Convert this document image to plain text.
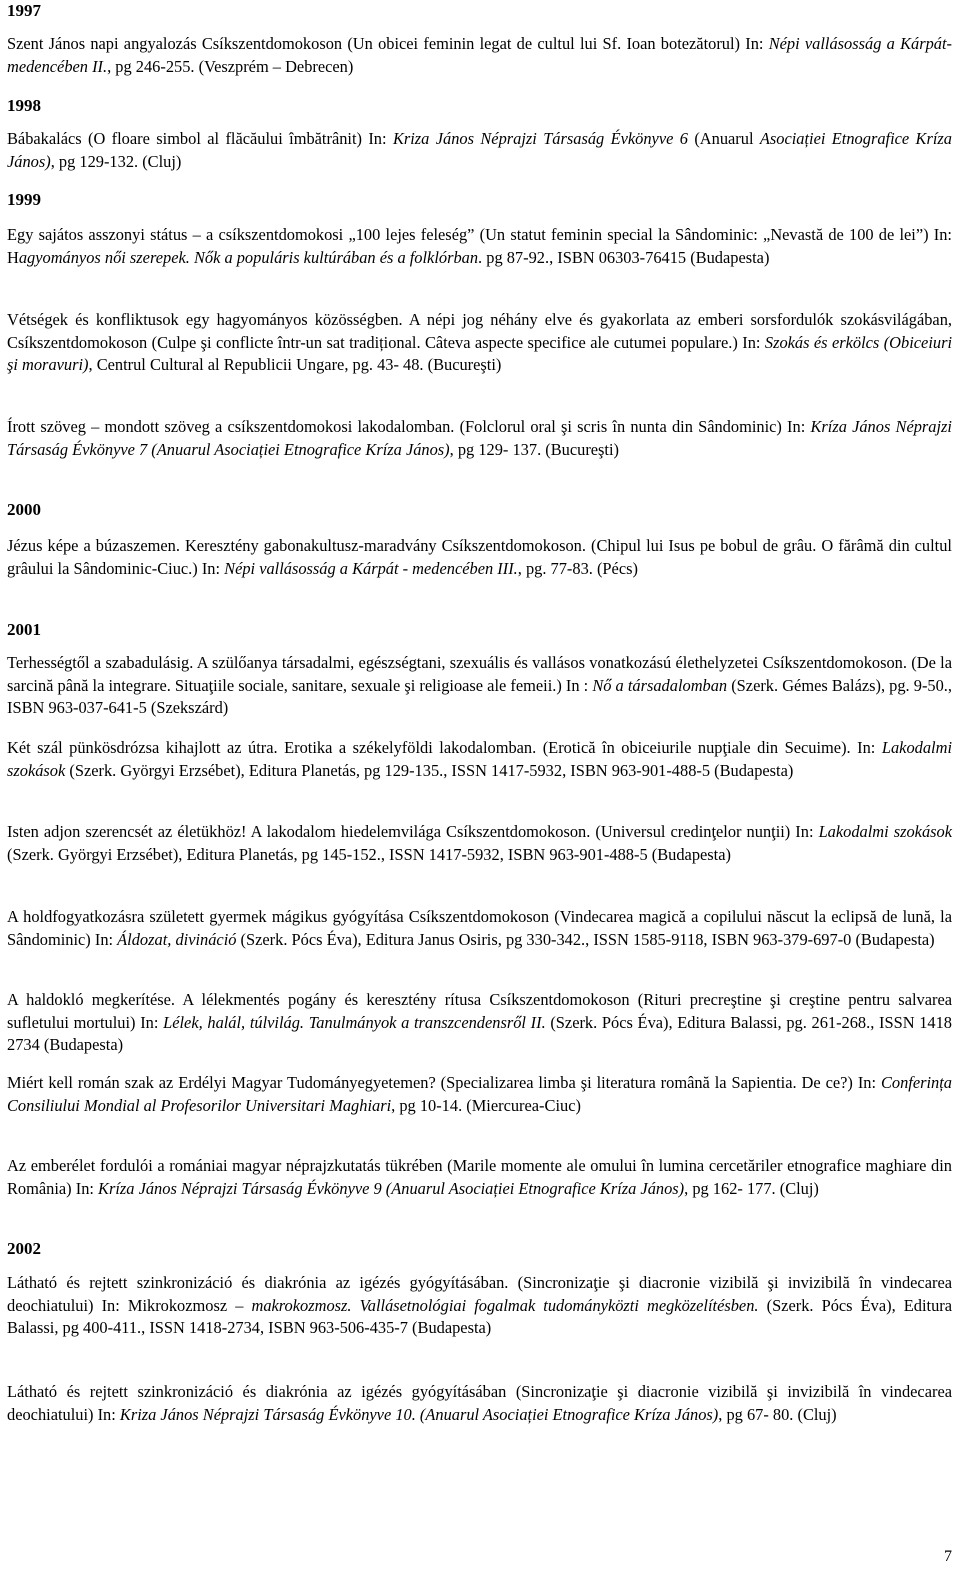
1997

Szent János napi angyalozás Csíkszentdomokoson (Un obicei feminin legat de cultul lui Sf. Ioan botezătorul) In: Népi vallásosság a Kárpát-medencében II., pg 246-255. (Veszprém – Debrecen)

1998

Bábakalács (O floare simbol al flăcăului îmbătrânit) In: Kriza János Néprajzi Társaság Évkönyve 6 (Anuarul Asociației Etnografice Kríza János), pg 129-132. (Cluj)

1999

Egy sajátos asszonyi státus – a csíkszentdomokosi „100 lejes feleség” (Un statut feminin special la Sândominic: „Nevastă de 100 de lei”) In: Hagyományos női szerepek. Nők a populáris kultúrában és a folklórban. pg 87-92., ISBN 06303-76415 (Budapesta)

Vétségek és konfliktusok egy hagyományos közösségben. A népi jog néhány elve és gyakorlata az emberi sorsfordulók szokásvilágában, Csíkszentdomokoson (Culpe şi conflicte într-un sat tradițional. Câteva aspecte specifice ale cutumei populare.) In: Szokás és erkölcs (Obiceiuri şi moravuri), Centrul Cultural al Republicii Ungare, pg. 43- 48. (Bucureşti)

Írott szöveg – mondott szöveg a csíkszentdomokosi lakodalomban. (Folclorul oral şi scris în nunta din Sândominic) In: Kríza János Néprajzi Társaság Évkönyve 7 (Anuarul Asociației Etnografice Kríza János), pg 129- 137. (Bucureşti)

2000

Jézus képe a búzaszemen. Keresztény gabonakultusz-maradvány Csíkszentdomokoson. (Chipul lui Isus pe bobul de grâu. O fărâmă din cultul grâului la Sândominic-Ciuc.) In: Népi vallásosság a Kárpát - medencében III., pg. 77-83. (Pécs)

2001

Terhességtől a szabadulásig. A szülőanya társadalmi, egészségtani, szexuális és vallásos vonatkozású élethelyzetei Csíkszentdomokoson. (De la sarcină până la integrare. Situaţiile sociale, sanitare, sexuale şi religioase ale femeii.) In : Nő a társadalomban (Szerk. Gémes Balázs), pg. 9-50., ISBN 963-037-641-5 (Szekszárd)

Két szál pünkösdrózsa kihajlott az útra. Erotika a székelyföldi lakodalomban. (Erotică în obiceiurile nupţiale din Secuime). In: Lakodalmi szokások (Szerk. Györgyi Erzsébet), Editura Planetás, pg 129-135., ISSN 1417-5932, ISBN 963-901-488-5 (Budapesta)

Isten adjon szerencsét az életükhöz! A lakodalom hiedelemvilága Csíkszentdomokoson. (Universul credinţelor nunţii) In: Lakodalmi szokások (Szerk. Györgyi Erzsébet), Editura Planetás, pg 145-152., ISSN 1417-5932, ISBN 963-901-488-5 (Budapesta)

A holdfogyatkozásra született gyermek mágikus gyógyítása Csíkszentdomokoson (Vindecarea magică a copilului născut la eclipsă de lună, la Sândominic) In: Áldozat, divináció (Szerk. Pócs Éva), Editura Janus Osiris, pg 330-342., ISSN 1585-9118, ISBN 963-379-697-0 (Budapesta)

A haldokló megkerítése. A lélekmentés pogány és keresztény rítusa Csíkszentdomokoson (Rituri precreştine şi creştine pentru salvarea sufletului mortului) In: Lélek, halál, túlvilág. Tanulmányok a transzcendensről II. (Szerk. Pócs Éva), Editura Balassi, pg. 261-268., ISSN 1418 2734 (Budapesta)

Miért kell román szak az Erdélyi Magyar Tudományegyetemen? (Specializarea limba şi literatura română la Sapientia. De ce?) In: Conferința Consiliului Mondial al Profesorilor Universitari Maghiari, pg 10-14. (Miercurea-Ciuc)

Az emberélet fordulói a romániai magyar néprajzkutatás tükrében (Marile momente ale omului în lumina cercetăriler etnografice maghiare din România) In: Kríza János Néprajzi Társaság Évkönyve 9 (Anuarul Asociației Etnografice Kríza János), pg 162- 177. (Cluj)

2002

Látható és rejtett szinkronizáció és diakrónia az igézés gyógyításában. (Sincronizaţie şi diacronie vizibilă şi invizibilă în vindecarea deochiatului) In: Mikrokozmosz – makrokozmosz. Vallásetnológiai fogalmak tudományközti megközelítésben. (Szerk. Pócs Éva), Editura Balassi, pg 400-411., ISSN 1418-2734, ISBN 963-506-435-7 (Budapesta)

Látható és rejtett szinkronizáció és diakrónia az igézés gyógyításában (Sincronizaţie şi diacronie vizibilă şi invizibilă în vindecarea deochiatului) In: Kriza János Néprajzi Társaság Évkönyve 10. (Anuarul Asociației Etnografice Kríza János), pg 67- 80. (Cluj)

7
